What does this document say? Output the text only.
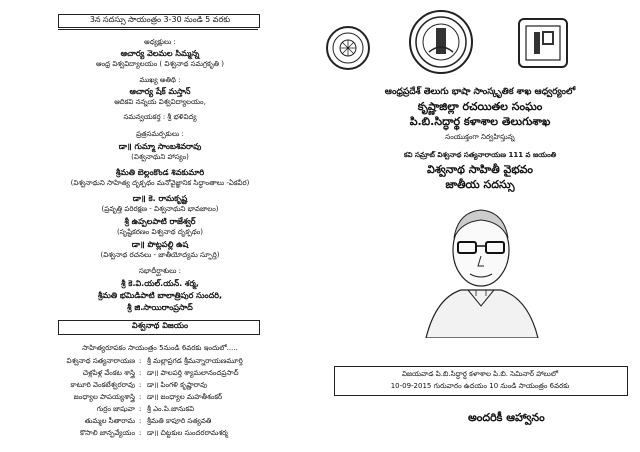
3న సదస్సు సాయంత్రం 3-30 నుండి 5 వరకు
అధ్యక్షులు :
ఆచార్య వెలమల సిమ్మన్న
ఆంధ్ర విశ్వవిద్యాలయం ( విశ్వనాథ సమగ్రకృతి )
ముఖ్య అతిథి :
ఆచార్య షేక్ మస్తాన్
ఆదికవి నన్నయ విశ్వవిద్యాలయం,
సమన్వయకర్త : శ్రీ భళివిద్య
ప్రత్రసమర్పకులు :
డా॥ గుమ్మా సాంబశివరావు
(విశ్వనాథుని హాస్యం)
శ్రీమతి బెల్లంకొండ శివకుమారి
(విశ్వనాథుని సాహిత్య దృక్పథం మనోవైజ్ఞానిక సిద్ధాంతాలు -ఏకవీర)
డా॥ కె. రామకృష్ణ
(ప్రవృత్తి పరిరక్షణ - విశ్వనాథుని భావజాలం)
శ్రీ ఉప్పలపాటి రాజేశ్వర్
(సృష్టికరణం విశ్వనాథ దృక్పథం)
డా॥ పొట్లపల్లి ఉష
(విశ్వనాథ రచనలు - జాతీయోద్యమ స్ఫూర్తి)
సభాదీర్ఘాశులు :
శ్రీ కె.వి.యల్.యన్. శర్మ,
శ్రీమతి భమిడిపాటి బాలాత్రిపుర సుందరి,
శ్రీ జి.సాయిరాంప్రసాద్
విశ్వనాథ విజయం
సాహిత్యరూపకం సాయంత్రం 5నుండి 6వరకు ఇందులో.....
విశ్వనాథ సత్యనారాయణ : శ్రీ మల్లాప్రగడ శ్రీమన్నారాయణమూర్తి
చెళ్లపిళ్ల వేంకట శాస్త్రి : డా॥ పాలపర్తి శ్యామలానందప్రసాద్
కాటూరి వెంకటేశ్వరరావు : డా॥ పింగళి కృష్ణారావు
జంధ్యాల పాపయ్యశాస్త్రి : డా॥ జంధ్యాల మహతీశంకర్
గుర్రం జాషువా : శ్రీ ఎం.పి.జానుకవి
తుమ్మల సీతారామ : శ్రీమతి కాపూరి సత్యవతి
కొసాలి జాన్ఫవ్యేయం : డా॥ చిట్టకుల సుందరరామశర్మ
ఆంధ్రప్రదేశ్ తెలుగు భాషా సాంస్కృతిక శాఖ ఆధ్వర్యంలో
కృష్ణాజిల్లా రచయితల సంఘం
పి.బి.సిద్ధార్థ కళాశాల తెలుగుశాఖ
సంయుక్తంగా నిర్వహిస్తున్న
కవి సమ్రాట్ విశ్వనాథ సత్యనారాయణ 111 వ జయంతి
విశ్వనాథ సాహితీ వైభవం
జాతీయ సదస్సు
విజయవాడ పి.బి.సిద్ధార్థ కళాశాల పి.బి. సెమినార్ హాలులో
10-09-2015 గురువారం ఉదయం 10 నుండి సాయంత్రం 6వరకు
అందరికీ ఆహ్వానం
